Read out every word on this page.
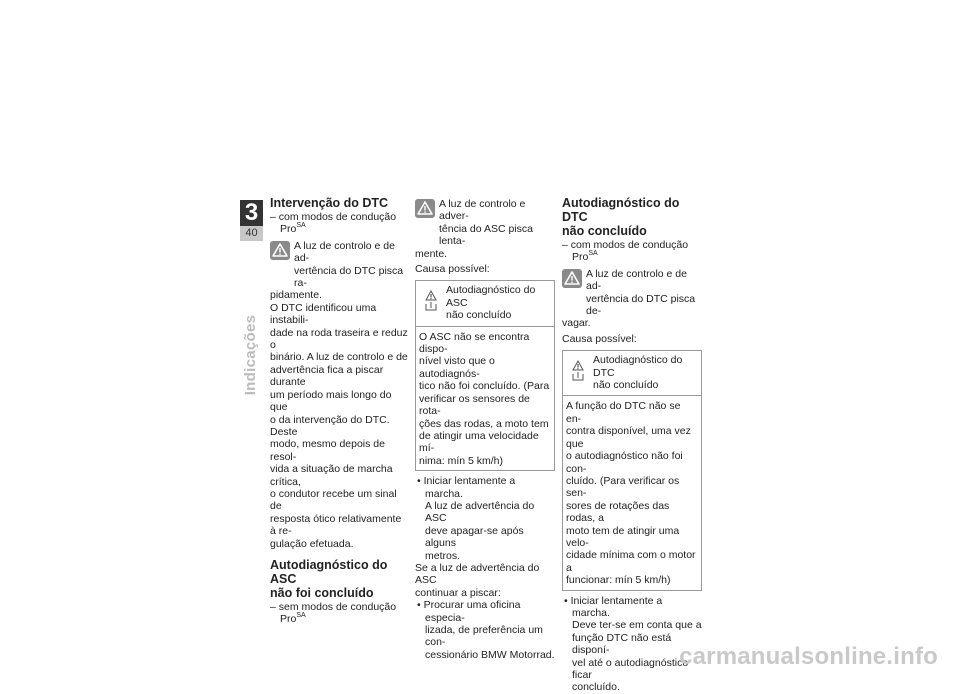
3
40
Indicações
Intervenção do DTC

– com modos de condução
Pro$^{SA}$

A luz de controlo e de ad-
vertência do DTC pisca ra-
pidamente.

O DTC identificou uma instabili-
dade na roda traseira e reduz o
binário. A luz de controlo e de
advertência fica a piscar durante
um período mais longo do que
o da intervenção do DTC. Deste
modo, mesmo depois de resol-
vida a situação de marcha crítica,
o condutor recebe um sinal de
resposta ótico relativamente à re-
gulação efetuada.

Autodiagnóstico do ASC
não foi concluído

– sem modos de condução
Pro$^{SA}$

A luz de controlo e adver-
tência do ASC pisca lenta-
mente.

Causa possível:

Autodiagnóstico do ASC
não concluído
O ASC não se encontra dispo-
nível visto que o autodiagnós-
tico não foi concluído. (Para
verificar os sensores de rota-
ções das rodas, a moto tem
de atingir uma velocidade mí-
nima: mín 5 km/h)

• Iniciar lentamente a marcha.

A luz de advertência do ASC
deve apagar-se após alguns
metros.

Se a luz de advertência do ASC
continuar a piscar:

• Procurar uma oficina especia-

lizada, de preferência um con-
cessionário BMW Motorrad.

Autodiagnóstico do DTC
não concluído

– com modos de condução
Pro$^{SA}$

A luz de controlo e de ad-
vertência do DTC pisca de-
vagar.

Causa possível:

Autodiagnóstico do DTC
não concluído
A função do DTC não se en-
contra disponível, uma vez que
o autodiagnóstico não foi con-
cluído. (Para verificar os sen-
sores de rotações das rodas, a
moto tem de atingir uma velo-
cidade mínima com o motor a
funcionar: mín 5 km/h)

• Iniciar lentamente a marcha.

Deve ter-se em conta que a
função DTC não está disponí-
vel até o autodiagnóstico ficar
concluído.

carmanualsonline.info
